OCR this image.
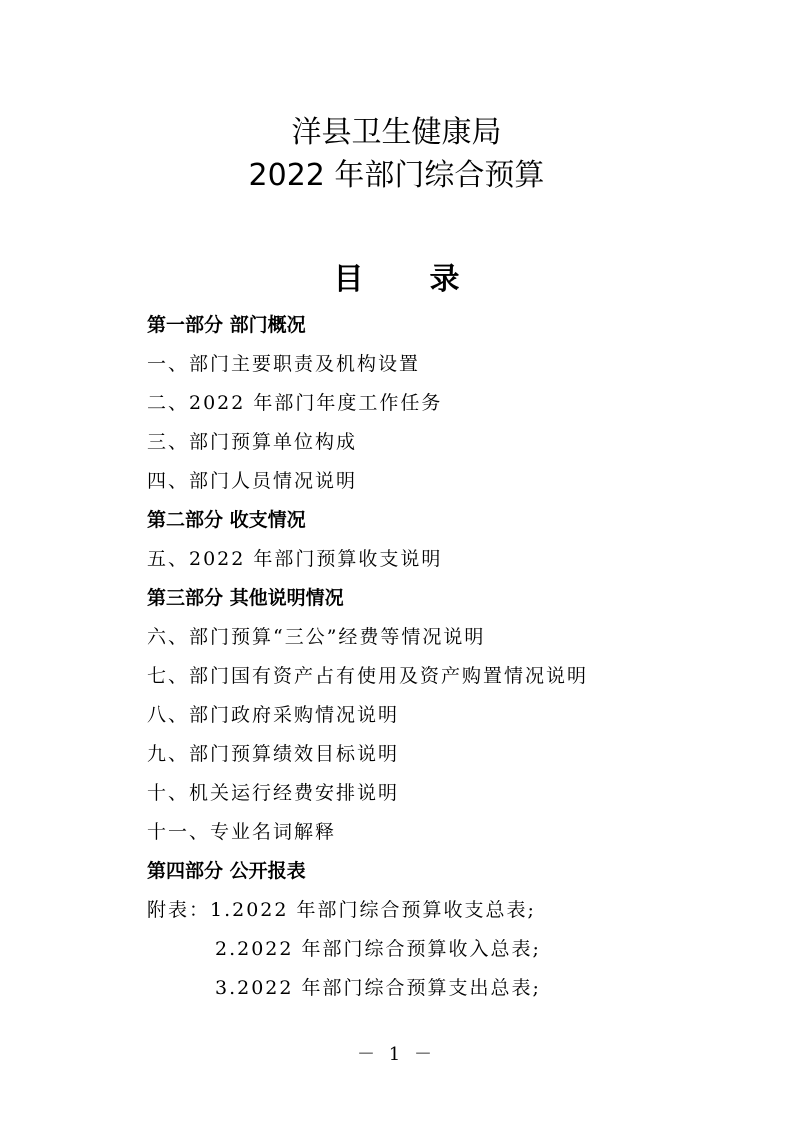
洋县卫生健康局
2022 年部门综合预算
目 录
第一部分 部门概况
一、部门主要职责及机构设置
二、2022 年部门年度工作任务
三、部门预算单位构成
四、部门人员情况说明
第二部分 收支情况
五、2022 年部门预算收支说明
第三部分 其他说明情况
六、部门预算“三公”经费等情况说明
七、部门国有资产占有使用及资产购置情况说明
八、部门政府采购情况说明
九、部门预算绩效目标说明
十、机关运行经费安排说明
十一、专业名词解释
第四部分 公开报表
附表：1.2022 年部门综合预算收支总表;
2.2022 年部门综合预算收入总表;
3.2022 年部门综合预算支出总表;
－ 1 －
